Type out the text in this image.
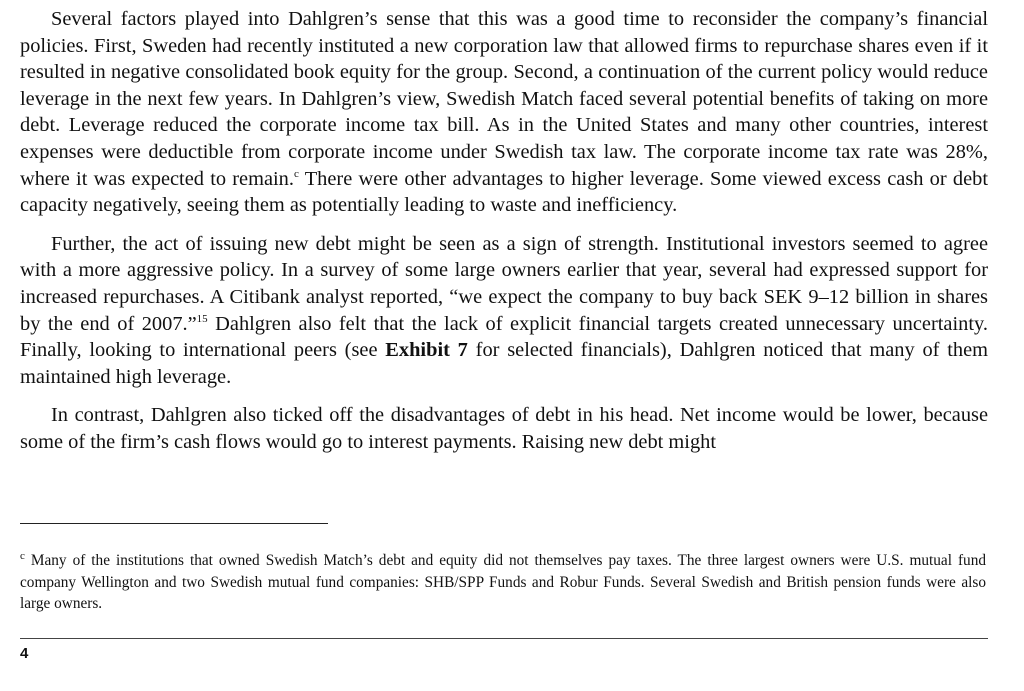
Several factors played into Dahlgren’s sense that this was a good time to reconsider the company’s financial policies. First, Sweden had recently instituted a new corporation law that allowed firms to repurchase shares even if it resulted in negative consolidated book equity for the group. Second, a continuation of the current policy would reduce leverage in the next few years. In Dahlgren’s view, Swedish Match faced several potential benefits of taking on more debt. Leverage reduced the corporate income tax bill. As in the United States and many other countries, interest expenses were deductible from corporate income under Swedish tax law. The corporate income tax rate was 28%, where it was expected to remain.$^c$ There were other advantages to higher leverage. Some viewed excess cash or debt capacity negatively, seeing them as potentially leading to waste and inefficiency.

Further, the act of issuing new debt might be seen as a sign of strength. Institutional investors seemed to agree with a more aggressive policy. In a survey of some large owners earlier that year, several had expressed support for increased repurchases. A Citibank analyst reported, “we expect the company to buy back SEK 9–12 billion in shares by the end of 2007.”$^{15}$ Dahlgren also felt that the lack of explicit financial targets created unnecessary uncertainty. Finally, looking to international peers (see Exhibit 7 for selected financials), Dahlgren noticed that many of them maintained high leverage.

In contrast, Dahlgren also ticked off the disadvantages of debt in his head. Net income would be lower, because some of the firm’s cash flows would go to interest payments. Raising new debt might

$^c$ Many of the institutions that owned Swedish Match’s debt and equity did not themselves pay taxes. The three largest owners were U.S. mutual fund company Wellington and two Swedish mutual fund companies: SHB/SPP Funds and Robur Funds. Several Swedish and British pension funds were also large owners.

4
